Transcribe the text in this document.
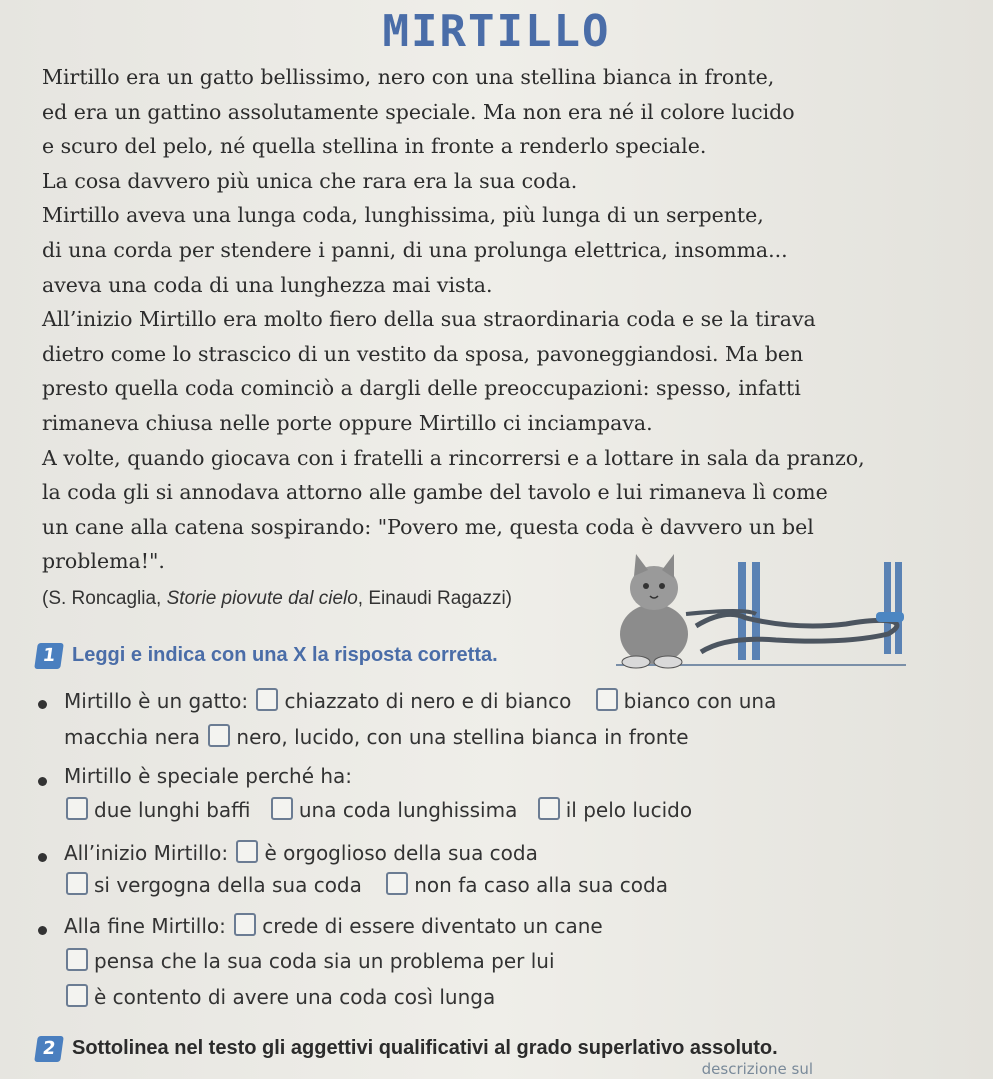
MIRTILLO

Mirtillo era un gatto bellissimo, nero con una stellina bianca in fronte,

ed era un gattino assolutamente speciale. Ma non era né il colore lucido

e scuro del pelo, né quella stellina in fronte a renderlo speciale.

La cosa davvero più unica che rara era la sua coda.

Mirtillo aveva una lunga coda, lunghissima, più lunga di un serpente,

di una corda per stendere i panni, di una prolunga elettrica, insomma...

aveva una coda di una lunghezza mai vista.

All’inizio Mirtillo era molto fiero della sua straordinaria coda e se la tirava

dietro come lo strascico di un vestito da sposa, pavoneggiandosi. Ma ben

presto quella coda cominciò a dargli delle preoccupazioni: spesso, infatti

rimaneva chiusa nelle porte oppure Mirtillo ci inciampava.

A volte, quando giocava con i fratelli a rincorrersi e a lottare in sala da pranzo,

la coda gli si annodava attorno alle gambe del tavolo e lui rimaneva lì come

un cane alla catena sospirando: "Povero me, questa coda è davvero un bel

problema!".

(S. Roncaglia, Storie piovute dal cielo, Einaudi Ragazzi)
1 Leggi e indica con una X la risposta corretta.
Mirtillo è un gatto: chiazzato di nero e di bianco	bianco con una
macchia nera nero, lucido, con una stellina bianca in fronte
Mirtillo è speciale perché ha:
due lunghi baffi una coda lunghissima il pelo lucido
All’inizio Mirtillo: è orgoglioso della sua coda
si vergogna della sua coda	non fa caso alla sua coda
Alla fine Mirtillo: crede di essere diventato un cane
pensa che la sua coda sia un problema per lui
è contento di avere una coda così lunga
2 Sottolinea nel testo gli aggettivi qualificativi al grado superlativo assoluto.
descrizione sul
